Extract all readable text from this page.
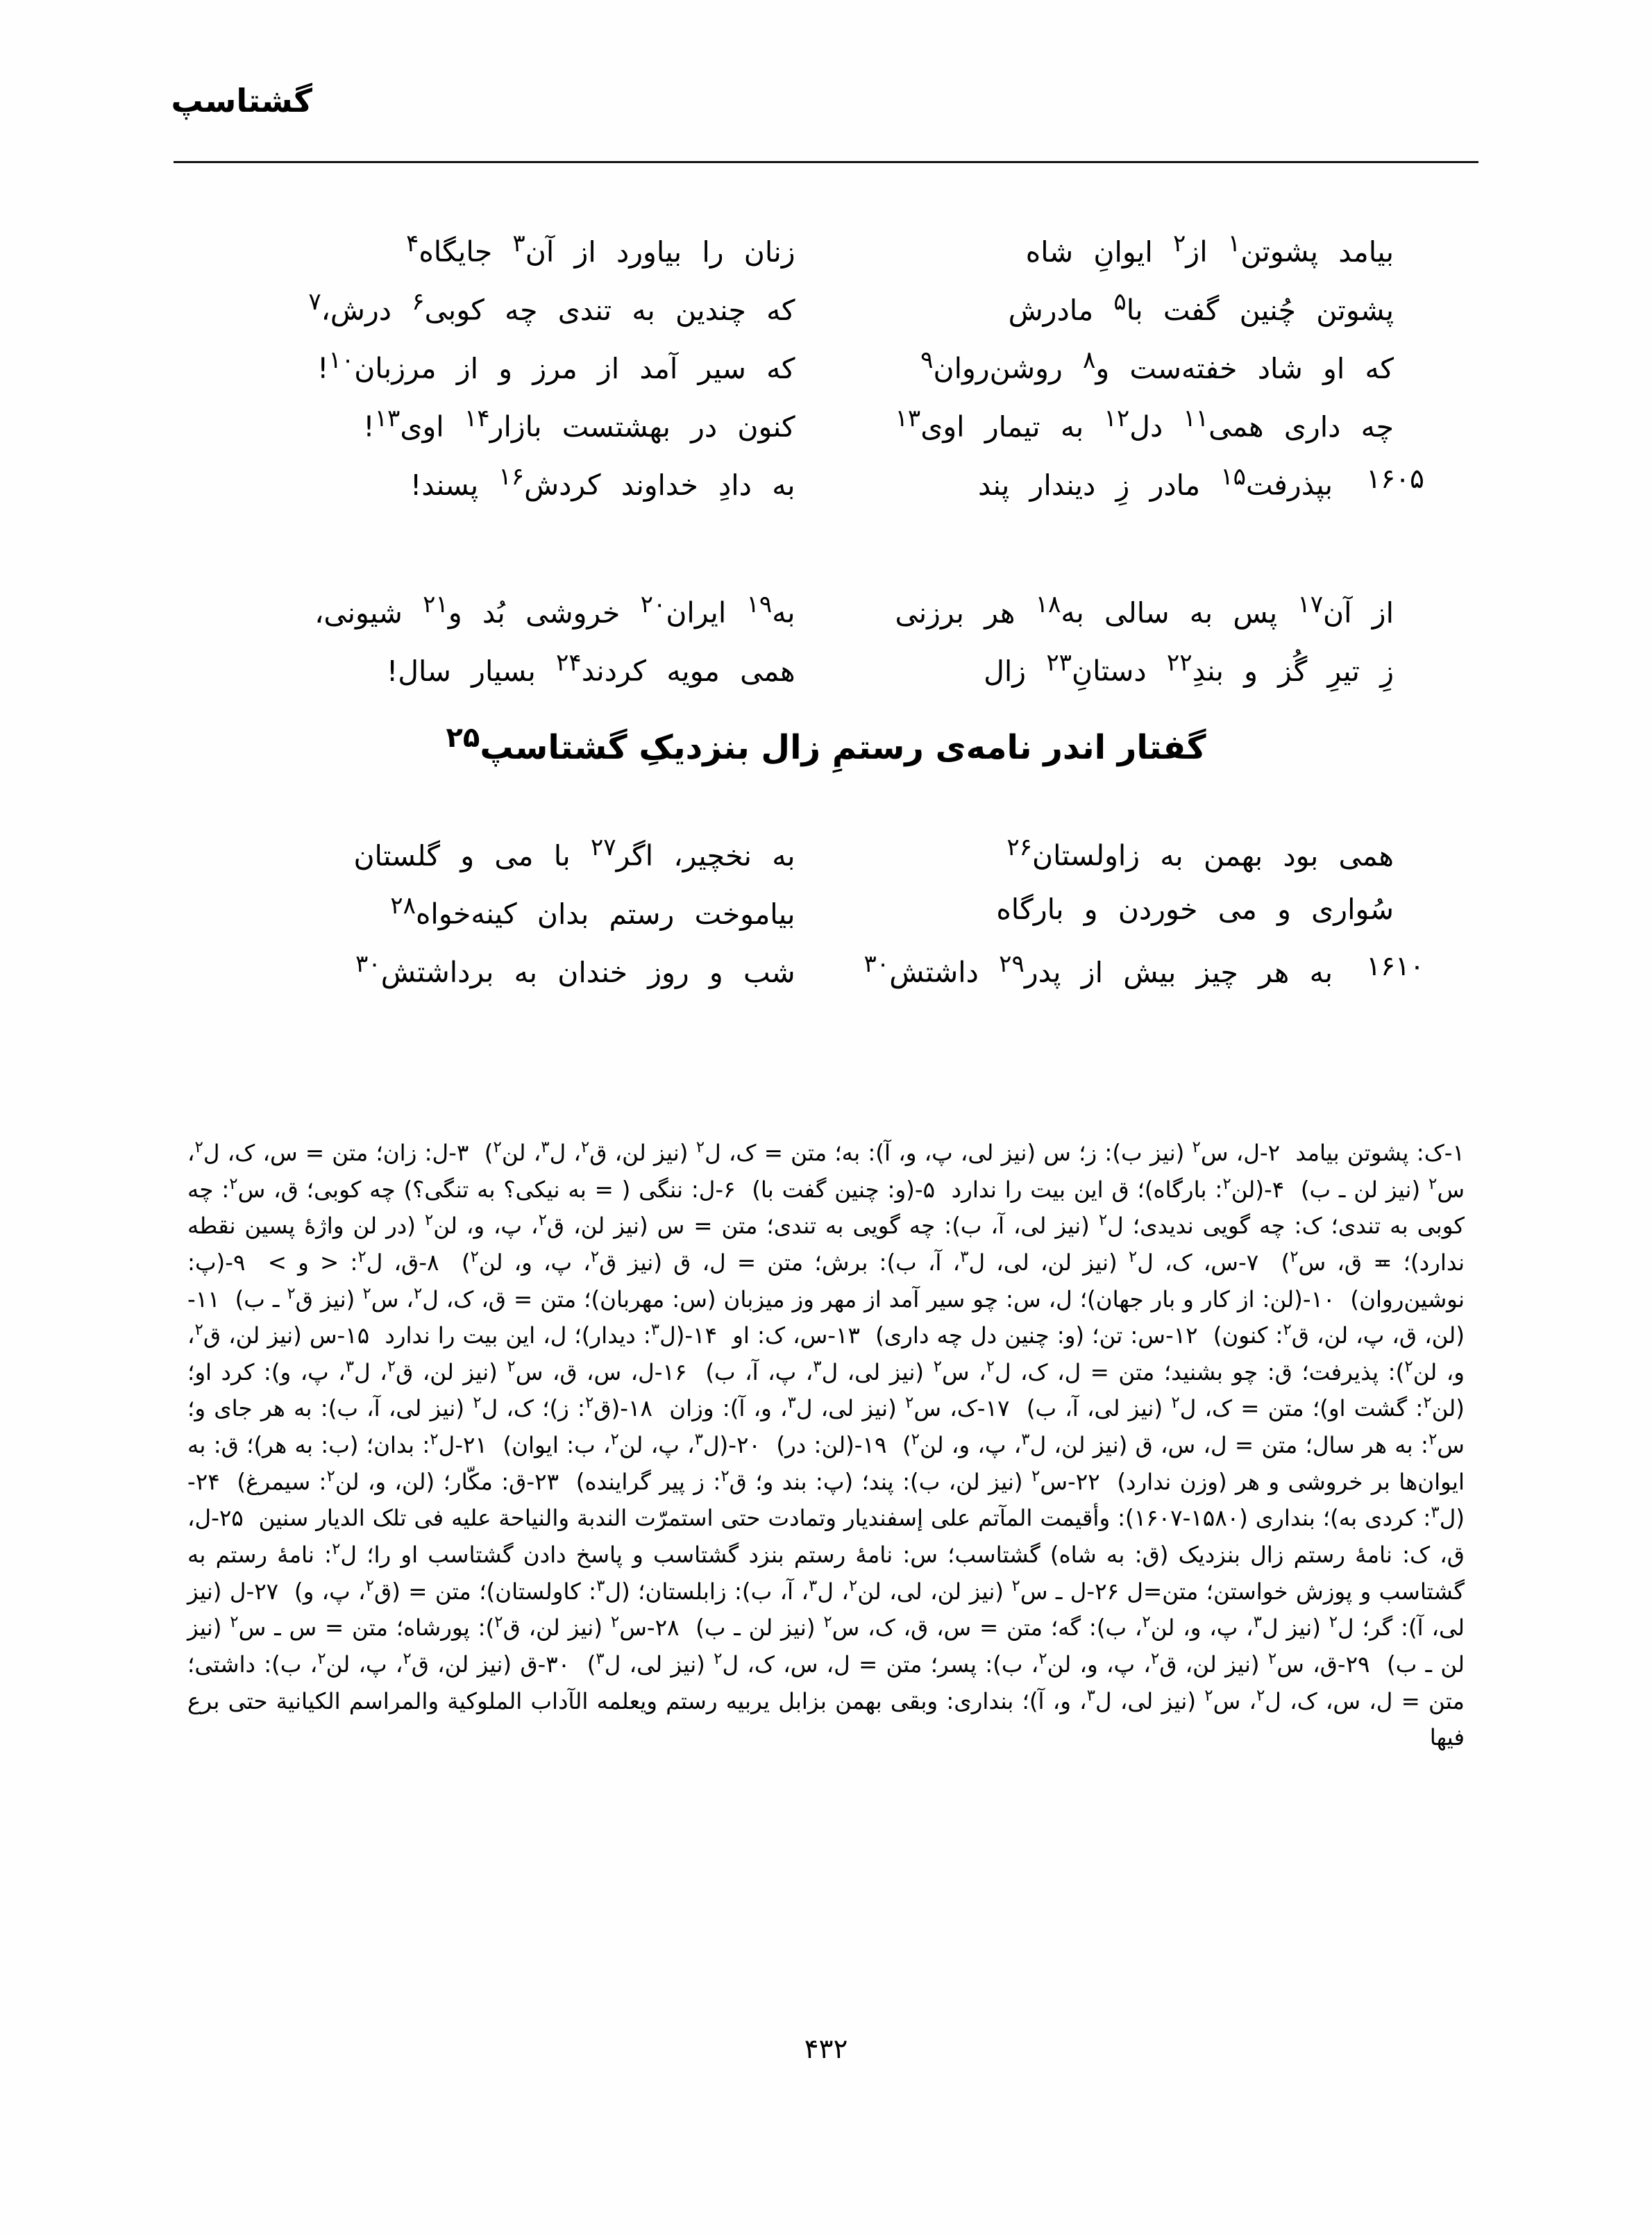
گشتاسپ
بیامد پشوتن$^۱$ از$^۲$ ایوانِ شاه
زنان را بیاورد از آن$^۳$ جایگاه$^۴$
پشوتن چُنین گفت با$^۵$ مادرش
که چندین به تندی چه کوبی$^۶$ درش،$^۷$
که او شاد خفته‌ست و$^۸$ روشن‌روان$^۹$
که سیر آمد از مرز و از مرزبان$^{۱۰}$!
چه داری همی$^{۱۱}$ دل$^{۱۲}$ به تیمار اوی$^{۱۳}$
کنون در بهشتست بازار$^{۱۴}$ اوی$^{۱۳}$!
۱۶۰۵
بپذرفت$^{۱۵}$ مادر زِ دیندار پند
به دادِ خداوند کردش$^{۱۶}$ پسند!
از آن$^{۱۷}$ پس به سالی به$^{۱۸}$ هر برزنی
به$^{۱۹}$ ایران$^{۲۰}$ خروشی بُد و$^{۲۱}$ شیونی،
زِ تیرِ گُز و بندِ$^{۲۲}$ دستانِ$^{۲۳}$ زال
همی مویه کردند$^{۲۴}$ بسیار سال!
گفتار اندر نامه‌ی رستمِ زال بنزدیکِ گشتاسپ$^{۲۵}$
همی بود بهمن به زاولستان$^{۲۶}$
به نخچیر، اگر$^{۲۷}$ با می و گلستان
سُواری و می خوردن و بارگاه
بیاموخت رستم بدان کینه‌خواه$^{۲۸}$
۱۶۱۰
به هر چیز بیش از پدر$^{۲۹}$ داشتش$^{۳۰}$
شب و روز خندان به برداشتش$^{۳۰}$

۱-ک: پشوتن بیامد  ۲-ل، س$^۲$ (نیز ب): ز؛ س (نیز لی، پ، و، آ): به؛ متن = ک، ل$^۲$ (نیز لن، ق$^۲$، ل$^۳$، لن$^۲$)  ۳-ل: زان؛ متن = س، ک، ل$^۲$، س$^۲$ (نیز لن ـ ب)  ۴-(لن$^۲$: بارگاه)؛ ق این بیت را ندارد  ۵-(و: چنین گفت با)  ۶-ل: ننگی ( = به نیکی؟ به تنگی؟) چه کوبی؛ ق، س$^۲$: چه کوبی به تندی؛ ک: چه گویی ندیدی؛ ل$^۲$ (نیز لی، آ، ب): چه گویی به تندی؛ متن = س (نیز لن، ق$^۲$، پ، و، لن$^۲$ (در لن واژهٔ پسین نقطه ندارد)؛ ≖ ق، س$^۲$)  ۷-س، ک، ل$^۲$ (نیز لن، لی، ل$^۳$، آ، ب): برش؛ متن = ل، ق (نیز ق$^۲$، پ، و، لن$^۲$)  ۸-ق، ل$^۲$: < و >  ۹-(پ: نوشین‌روان)  ۱۰-(لن: از کار و بار جهان)؛ ل، س: چو سیر آمد از مهر وز میزبان (س: مهربان)؛ متن = ق، ک، ل$^۲$، س$^۲$ (نیز ق$^۲$ ـ ب)  ۱۱-(لن، ق، پ، لن، ق$^۲$: کنون)  ۱۲-س: تن؛ (و: چنین دل چه داری)  ۱۳-س، ک: او  ۱۴-(ل$^۳$: دیدار)؛ ل، این بیت را ندارد  ۱۵-س (نیز لن، ق$^۲$، و، لن$^۲$): پذیرفت؛ ق: چو بشنید؛ متن = ل، ک، ل$^۲$، س$^۲$ (نیز لی، ل$^۳$، پ، آ، ب)  ۱۶-ل، س، ق، س$^۲$ (نیز لن، ق$^۲$، ل$^۳$، پ، و): کرد او؛ (لن$^۲$: گشت او)؛ متن = ک، ل$^۲$ (نیز لی، آ، ب)  ۱۷-ک، س$^۲$ (نیز لی، ل$^۳$، و، آ): وزان  ۱۸-(ق$^۲$: ز)؛ ک، ل$^۲$ (نیز لی، آ، ب): به هر جای و؛ س$^۲$: به هر سال؛ متن = ل، س، ق (نیز لن، ل$^۳$، پ، و، لن$^۲$)  ۱۹-(لن: در)  ۲۰-(ل$^۳$، پ، لن$^۲$، ب: ایوان)  ۲۱-ل$^۲$: بدان؛ (ب: به هر)؛ ق: به ایوان‌ها بر خروشی و هر (وزن ندارد)  ۲۲-س$^۲$ (نیز لن، ب): پند؛ (پ: بند و؛ ق$^۲$: ز پیر گراینده)  ۲۳-ق: مکّار؛ (لن، و، لن$^۲$: سیمرغ)  ۲۴-(ل$^۳$: کردی به)؛ بنداری (۱۵۸۰-۱۶۰۷): وأقیمت المآتم علی إسفندیار وتمادت حتی استمرّت الندبة والنیاحة علیه فی تلک الدیار سنین  ۲۵-ل، ق، ک: نامهٔ رستم زال بنزدیک (ق: به شاه) گشتاسب؛ س: نامهٔ رستم بنزد گشتاسب و پاسخ دادن گشتاسب او را؛ ل$^۲$: نامهٔ رستم به گشتاسب و پوزش خواستن؛ متن=ل ۲۶-ل ـ س$^۲$ (نیز لن، لی، لن$^۲$، ل$^۳$، آ، ب): زابلستان؛ (ل$^۳$: کاولستان)؛ متن = (ق$^۲$، پ، و)  ۲۷-ل (نیز لی، آ): گر؛ ل$^۲$ (نیز ل$^۳$، پ، و، لن$^۲$، ب): گه؛ متن = س، ق، ک، س$^۲$ (نیز لن ـ ب)  ۲۸-س$^۲$ (نیز لن، ق$^۲$): پورشاه؛ متن = س ـ س$^۲$ (نیز لن ـ ب)  ۲۹-ق، س$^۲$ (نیز لن، ق$^۲$، پ، و، لن$^۲$، ب): پسر؛ متن = ل، س، ک، ل$^۲$ (نیز لی، ل$^۳$)  ۳۰-ق (نیز لن، ق$^۲$، پ، لن$^۲$، ب): داشتی؛ متن = ل، س، ک، ل$^۲$، س$^۲$ (نیز لی، ل$^۳$، و، آ)؛ بنداری: وبقی بهمن بزابل یربیه رستم ویعلمه الآداب الملوکیة والمراسم الکیانیة حتی برع فیها

۴۳۲
